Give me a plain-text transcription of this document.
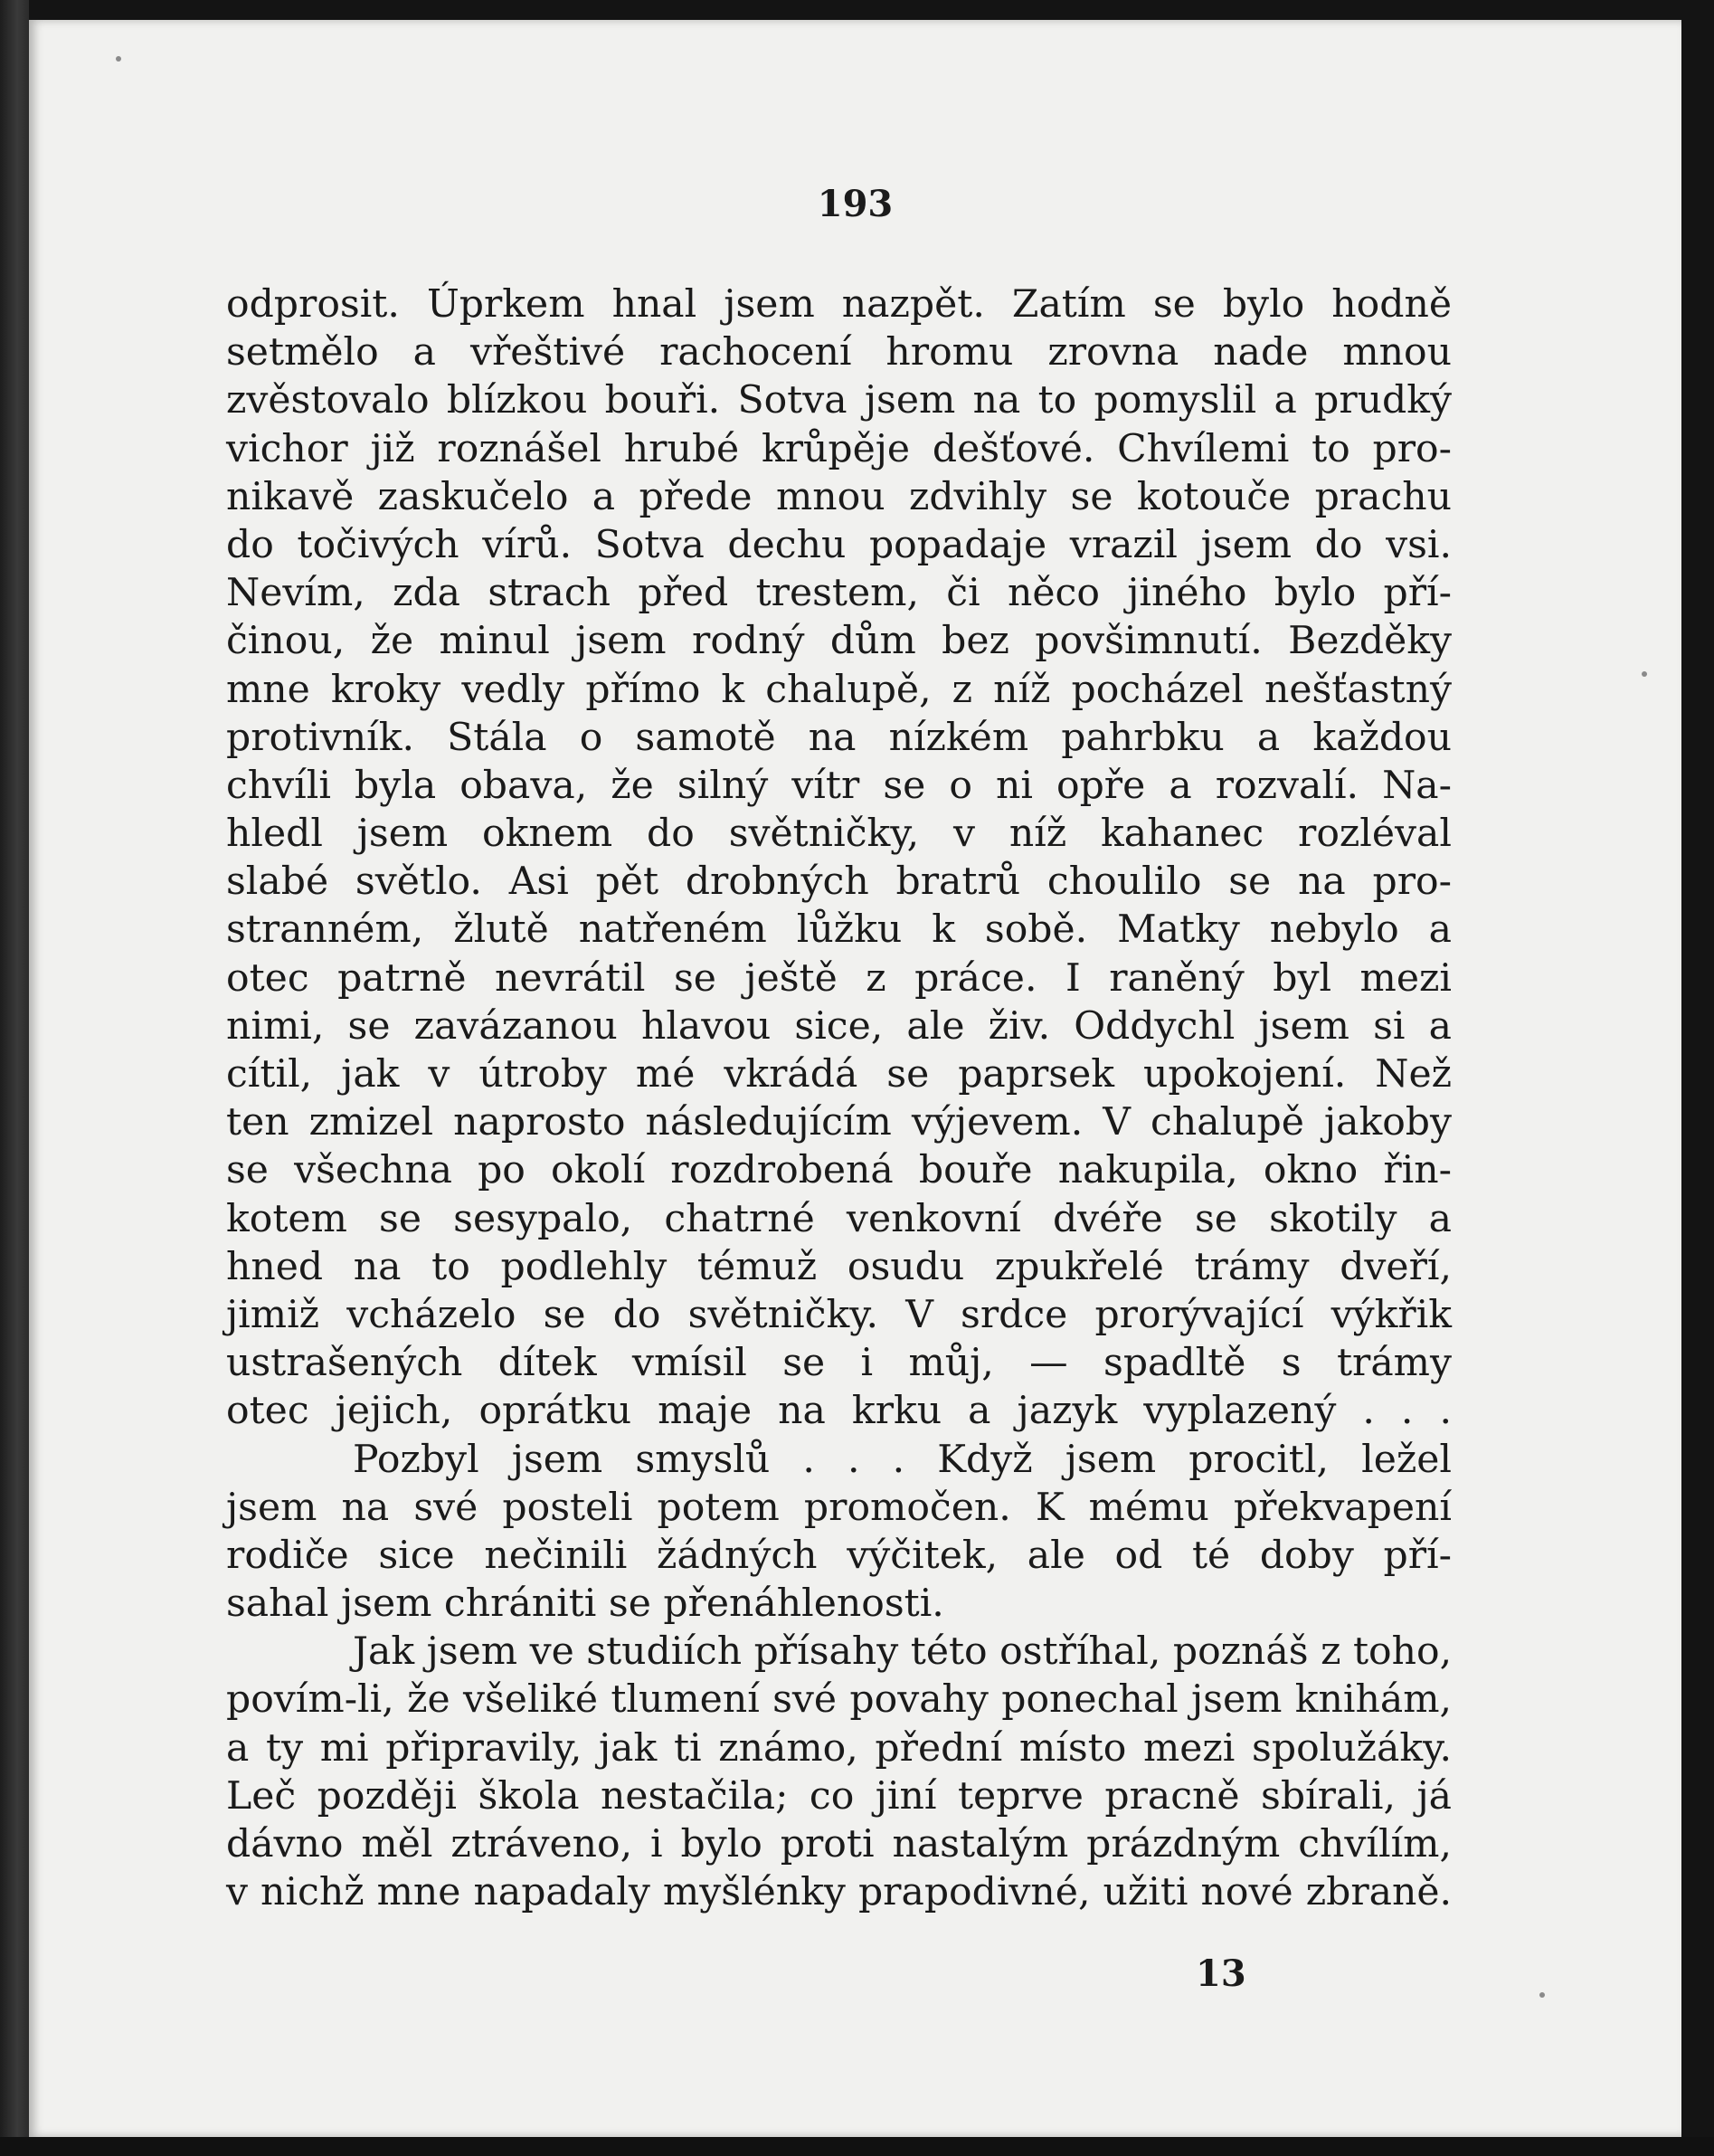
193
odprosit. Úprkem hnal jsem nazpět. Zatím se bylo hodně
setmělo a vřeštivé rachocení hromu zrovna nade mnou
zvěstovalo blízkou bouři. Sotva jsem na to pomyslil a prudký
vichor již roznášel hrubé krůpěje dešťové. Chvílemi to pro-
nikavě zaskučelo a přede mnou zdvihly se kotouče prachu
do točivých vírů. Sotva dechu popadaje vrazil jsem do vsi.
Nevím, zda strach před trestem, či něco jiného bylo pří-
činou, že minul jsem rodný dům bez povšimnutí. Bezděky
mne kroky vedly přímo k chalupě, z níž pocházel nešťastný
protivník. Stála o samotě na nízkém pahrbku a každou
chvíli byla obava, že silný vítr se o ni opře a rozvalí. Na-
hledl jsem oknem do světničky, v níž kahanec rozléval
slabé světlo. Asi pět drobných bratrů choulilo se na pro-
stranném, žlutě natřeném lůžku k sobě. Matky nebylo a
otec patrně nevrátil se ještě z práce. I raněný byl mezi
nimi, se zavázanou hlavou sice, ale živ. Oddychl jsem si a
cítil, jak v útroby mé vkrádá se paprsek upokojení. Než
ten zmizel naprosto následujícím výjevem. V chalupě jakoby
se všechna po okolí rozdrobená bouře nakupila, okno řin-
kotem se sesypalo, chatrné venkovní dvéře se skotily a
hned na to podlehly témuž osudu zpukřelé trámy dveří,
jimiž vcházelo se do světničky. V srdce prorývající výkřik
ustrašených dítek vmísil se i můj, — spadltě s trámy
otec jejich, oprátku maje na krku a jazyk vyplazený . . .
Pozbyl jsem smyslů . . . Když jsem procitl, ležel
jsem na své posteli potem promočen. K mému překvapení
rodiče sice nečinili žádných výčitek, ale od té doby pří-
sahal jsem chrániti se přenáhlenosti.
Jak jsem ve studiích přísahy této ostříhal, poznáš z toho,
povím-li, že všeliké tlumení své povahy ponechal jsem knihám,
a ty mi připravily, jak ti známo, přední místo mezi spolužáky.
Leč později škola nestačila; co jiní teprve pracně sbírali, já
dávno měl ztráveno, i bylo proti nastalým prázdným chvílím,
v nichž mne napadaly myšlénky prapodivné, užiti nové zbraně.
13
